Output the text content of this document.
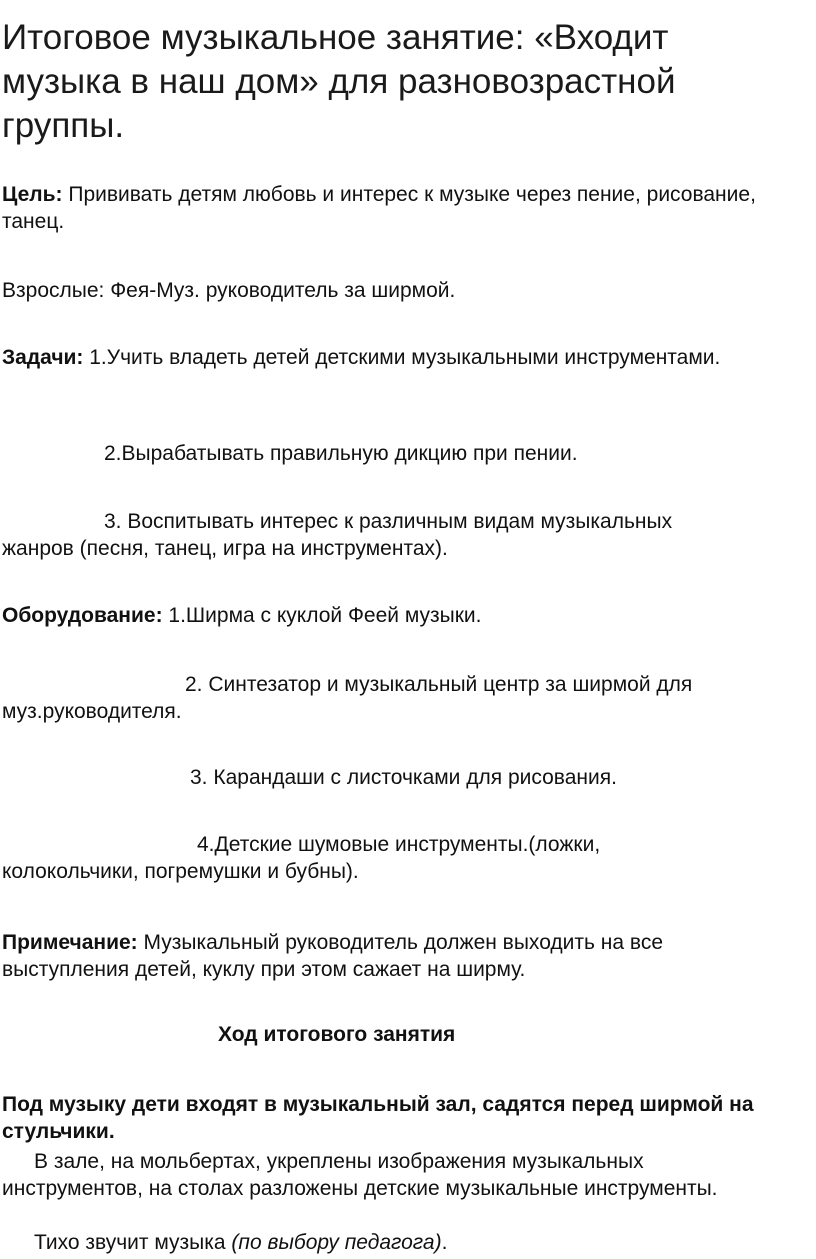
Итоговое музыкальное занятие: «Входит музыка в наш дом» для разновозрастной группы.

Цель: Прививать детям любовь и интерес к музыке через пение, рисование, танец.

Взрослые: Фея-Муз. руководитель за ширмой.

Задачи: 1.Учить владеть детей детскими музыкальными инструментами.

2.Вырабатывать правильную дикцию при пении.

3. Воспитывать интерес к различным видам музыкальных

жанров (песня, танец, игра на инструментах).

Оборудование: 1.Ширма с куклой Феей музыки.

2. Синтезатор и музыкальный центр за ширмой для

муз.руководителя.

3. Карандаши с листочками для рисования.

4.Детские шумовые инструменты.(ложки,

колокольчики, погремушки и бубны).

Примечание: Музыкальный руководитель должен выходить на все выступления детей, куклу при этом сажает на ширму.

Ход итогового занятия

Под музыку дети входят в музыкальный зал, садятся перед ширмой на стульчики.

В зале, на мольбертах, укреплены изображения музыкальных инструментов, на столах разложены детские музыкальные инструменты.

Тихо звучит музыка (по выбору педагога).
